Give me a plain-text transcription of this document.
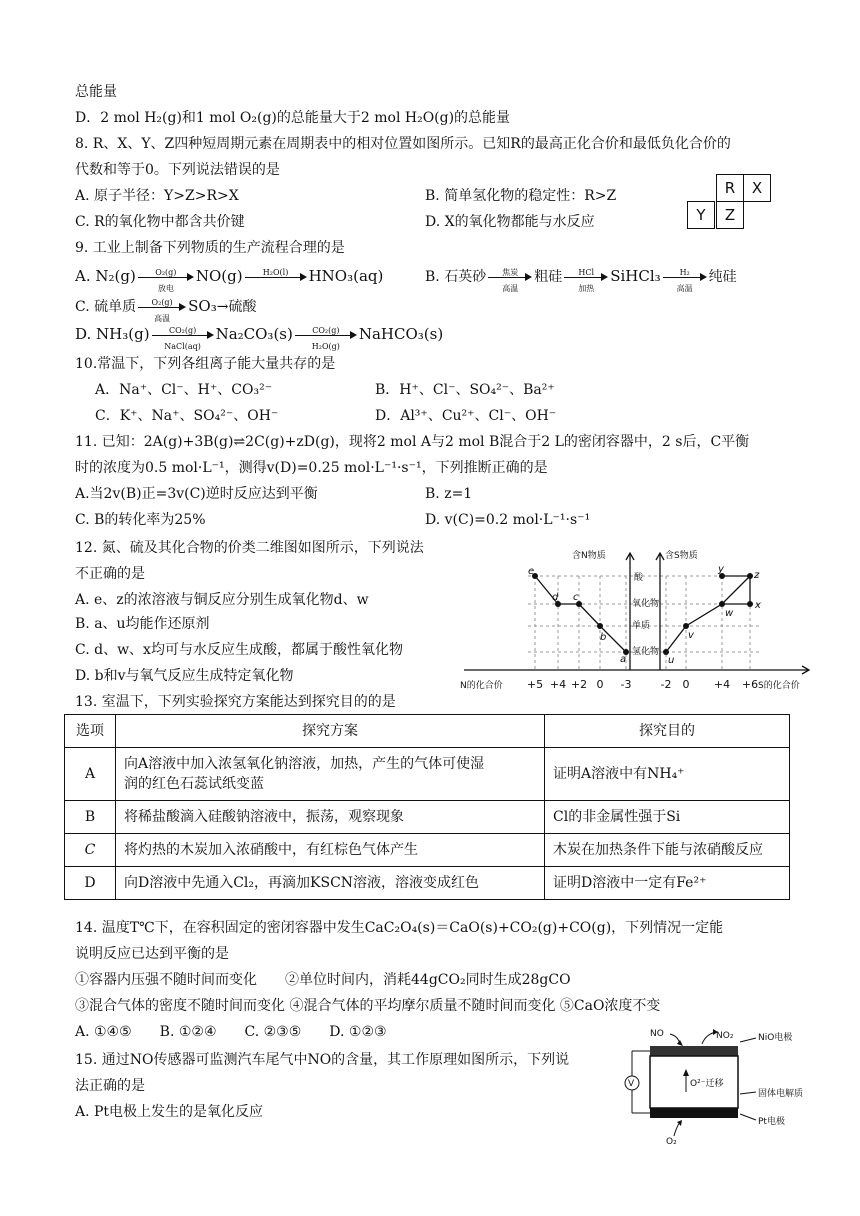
总能量
D．2 mol H₂(g)和1 mol O₂(g)的总能量大于2 mol H₂O(g)的总能量
8. R、X、Y、Z四种短周期元素在周期表中的相对位置如图所示。已知R的最高正化合价和最低负化合价的
代数和等于0。下列说法错误的是
A. 原子半径：Y>Z>R>X	B. 简单氢化物的稳定性：R>Z
C. R的氧化物中都含共价键	D. X的氧化物都能与水反应
R	X
Y	Z
9. 工业上制备下列物质的生产流程合理的是
A. N₂(g)	O₂(g)
放电
NO(g)	H₂O(l)	HNO₃(aq)	B. 石英砂	焦炭
高温
粗硅	HCl
加热
SiHCl₃	H₂
高温
纯硅
C. 硫单质	O₂(g)
高温
SO₃→硫酸
D. NH₃(g)	CO₂(g)
NaCl(aq)
$Na_2CO_3(s) \frac{\text{CO₂(g)}}{\text{H₂O(g)}}$ NaHCO₃(s)
10.常温下，下列各组离子能大量共存的是
A．Na⁺、Cl⁻、H⁺、CO₃²⁻	B．H⁺、Cl⁻、SO₄²⁻、Ba²⁺
C．K⁺、Na⁺、SO₄²⁻、OH⁻	D．Al³⁺、Cu²⁺、Cl⁻、OH⁻
11. 已知：2A(g)+3B(g)⇌2C(g)+zD(g)，现将2 mol A与2 mol B混合于2 L的密闭容器中，2 s后，C平衡
时的浓度为0.5 mol·L⁻¹，测得v(D)=0.25 mol·L⁻¹·s⁻¹，下列推断正确的是
A.当2v(B)正=3v(C)逆时反应达到平衡	B. z=1
C. B的转化率为25%	D. v(C)=0.2 mol·L⁻¹·s⁻¹
12. 氮、硫及其化合物的价类二维图如图所示，下列说法
不正确的是
A. e、z的浓溶液与铜反应分别生成氧化物d、w
B. a、u均能作还原剂
C. d、w、x均可与水反应生成酸，都属于酸性氧化物
D. b和v与氧气反应生成特定氧化物
e
d c
b
a	u
v
w
x
y
z
含N物质	含S物质
酸
氧化物
单质
氢化物
N的化合价	S的化合价
+5 +4 +2 0 -3	-2 0 +4 +6
13. 室温下，下列实验探究方案能达到探究目的的是
选项	探究方案	探究目的
A	向A溶液中加入浓氢氧化钠溶液，加热，产生的气体可使湿
润的红色石蕊试纸变蓝	证明A溶液中有NH₄⁺
B	将稀盐酸滴入硅酸钠溶液中，振荡，观察现象	Cl的非金属性强于Si
C	将灼热的木炭加入浓硝酸中，有红棕色气体产生	木炭在加热条件下能与浓硝酸反应
D	向D溶液中先通入Cl₂，再滴加KSCN溶液，溶液变成红色	证明D溶液中一定有Fe²⁺
14. 温度T℃下，在容积固定的密闭容器中发生CaC₂O₄(s)＝CaO(s)+CO₂(g)+CO(g)，下列情况一定能
说明反应已达到平衡的是
①容器内压强不随时间而变化　　②单位时间内，消耗44gCO₂同时生成28gCO
③混合气体的密度不随时间而变化 ④混合气体的平均摩尔质量不随时间而变化 ⑤CaO浓度不变
A. ①④⑤　　B. ①②④　　C. ②③⑤　　D. ①②③
15. 通过NO传感器可监测汽车尾气中NO的含量，其工作原理如图所示，下列说
法正确的是
A. Pt电极上发生的是氧化反应
NO	NO₂	NiO电极
O²⁻迁移
固体电解质
Pt电极
O₂
V
